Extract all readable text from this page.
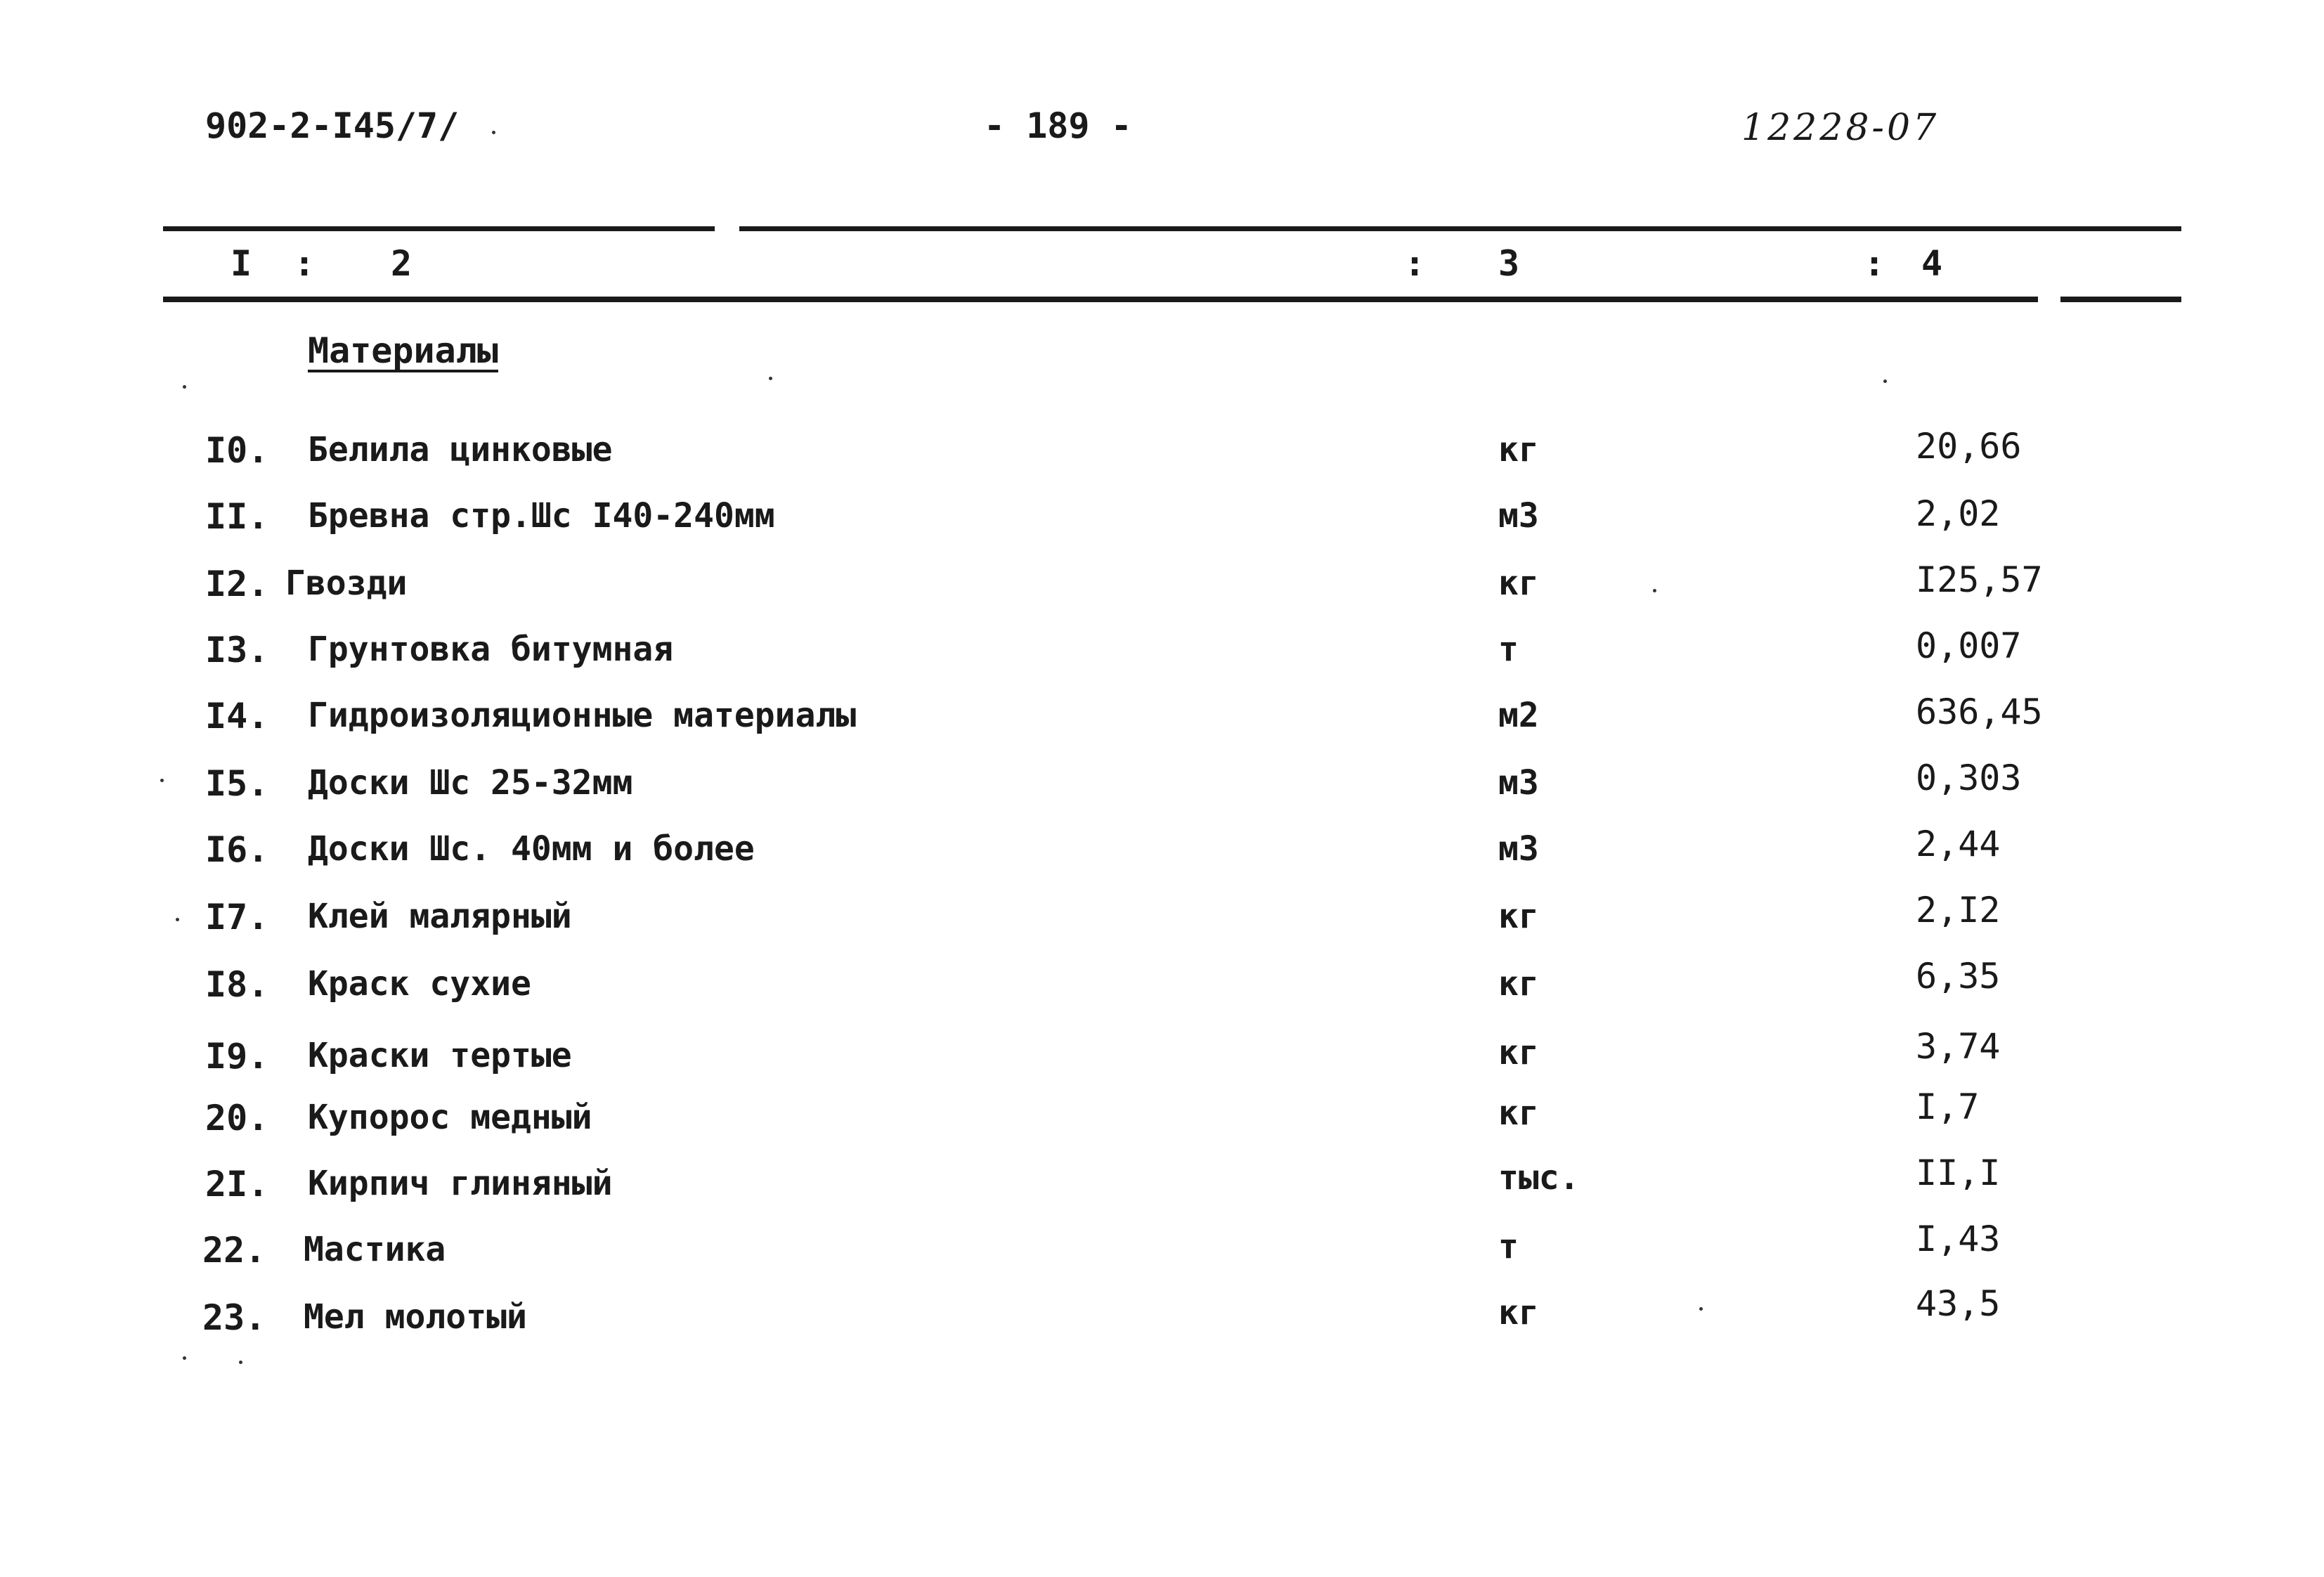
902-2-I45/7/	- 189 -	12228-07
I : 2	: 3	: 4
Материалы
I0. Белила цинковые	кг	20,66
II. Бревна стр.Шс I40-240мм	м3	2,02
I2. Гвозди	кг	I25,57
I3. Грунтовка битумная	т	0,007
I4. Гидроизоляционные материалы	м2	636,45
I5. Доски Шс 25-32мм	м3	0,303
I6. Доски Шс. 40мм и более	м3	2,44
I7. Клей малярный	кг	2,I2
I8. Краск сухие	кг	6,35
I9. Краски тертые	кг	3,74
20. Купорос медный	кг	I,7
2I. Кирпич глиняный	тыс.	II,I
22. Мастика	т	I,43
23. Мел молотый	кг	43,5
